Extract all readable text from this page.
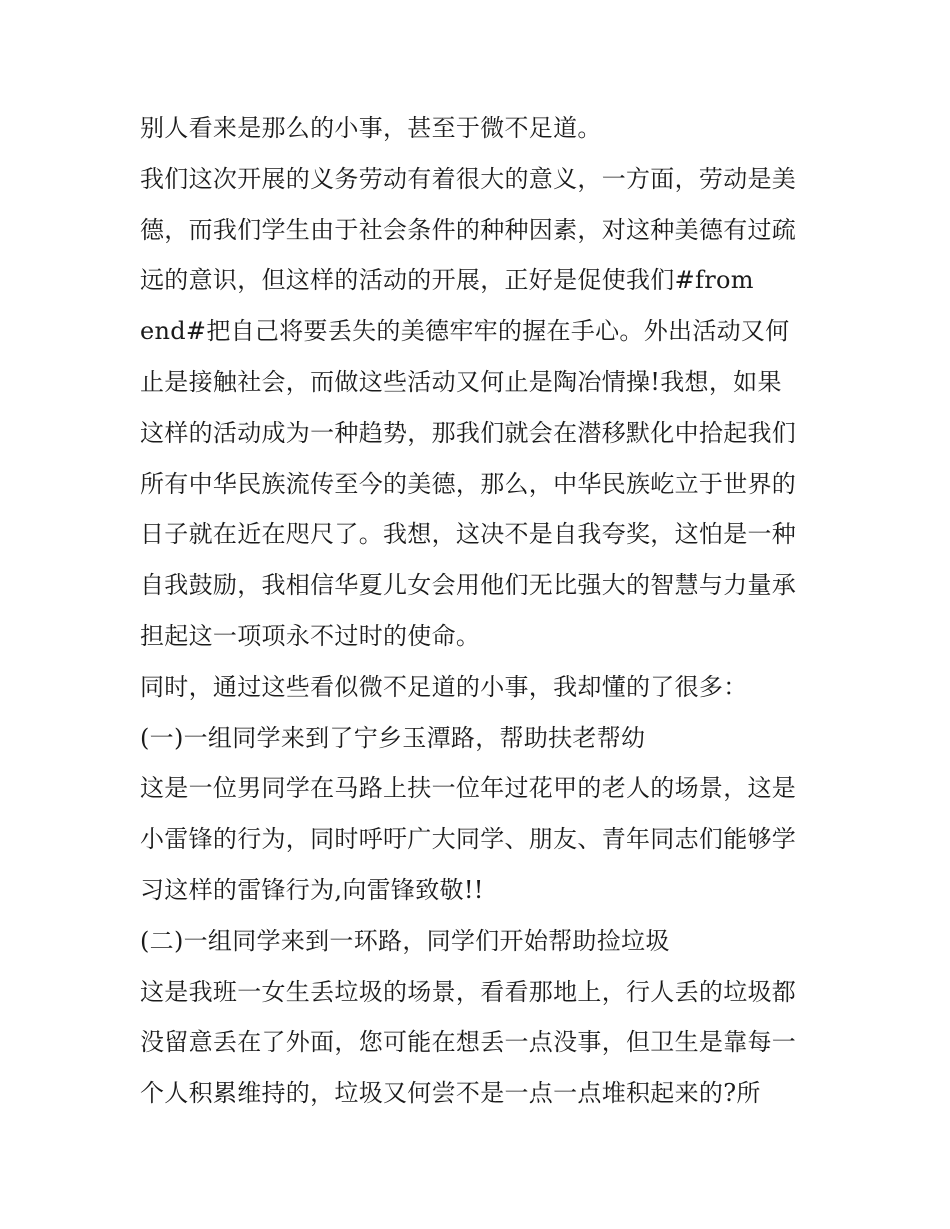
别人看来是那么的小事，甚至于微不足道。
我们这次开展的义务劳动有着很大的意义，一方面，劳动是美
德，而我们学生由于社会条件的种种因素，对这种美德有过疏
远的意识，但这样的活动的开展，正好是促使我们#from
end#把自己将要丢失的美德牢牢的握在手心。外出活动又何
止是接触社会，而做这些活动又何止是陶冶情操!我想，如果
这样的活动成为一种趋势，那我们就会在潜移默化中拾起我们
所有中华民族流传至今的美德，那么，中华民族屹立于世界的
日子就在近在咫尺了。我想，这决不是自我夸奖，这怕是一种
自我鼓励，我相信华夏儿女会用他们无比强大的智慧与力量承
担起这一项项永不过时的使命。
同时，通过这些看似微不足道的小事，我却懂的了很多：
(一)一组同学来到了宁乡玉潭路，帮助扶老帮幼
这是一位男同学在马路上扶一位年过花甲的老人的场景，这是
小雷锋的行为，同时呼吁广大同学、朋友、青年同志们能够学
习这样的雷锋行为,向雷锋致敬!!
(二)一组同学来到一环路，同学们开始帮助捡垃圾
这是我班一女生丢垃圾的场景，看看那地上，行人丢的垃圾都
没留意丢在了外面，您可能在想丢一点没事，但卫生是靠每一
个人积累维持的，垃圾又何尝不是一点一点堆积起来的?所
